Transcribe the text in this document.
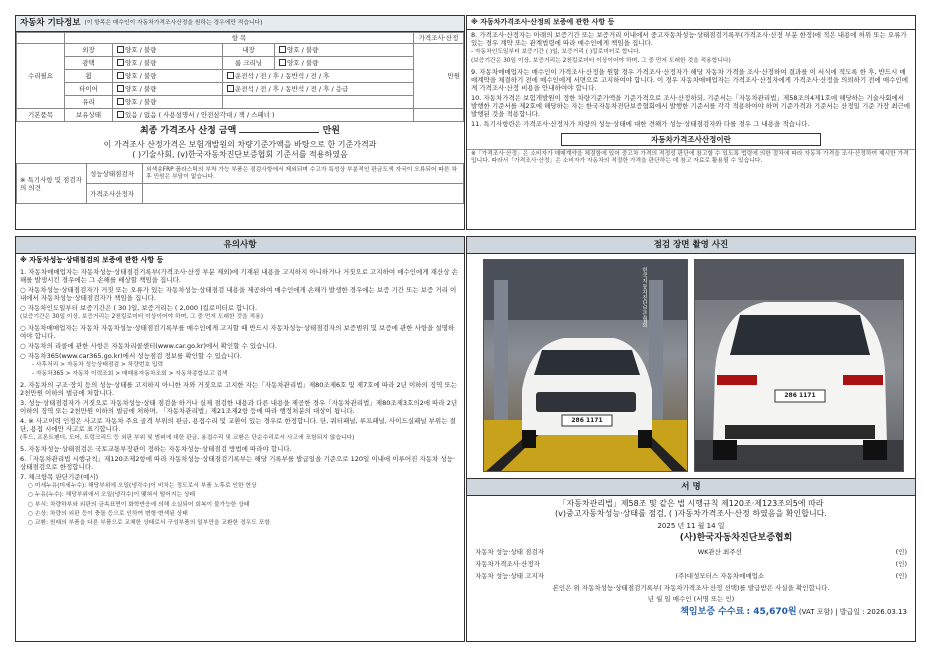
자동차 기타정보 (이 항목은 매수인이 자동차가격조사산정을 원하는 경우에만 적습니다)
	항 목				가격조사·산정
수리필요	외장	양호 / 불량	내장	양호 / 불량	만원
	광택	양호 / 불량	룸 크리닝	양호 / 불량	
	휠	양호 / 불량	운전석 / 전 / 후 / 동반석 / 전 / 후		
	타이어	양호 / 불량	운전석 / 전 / 후 / 동반석 / 전 / 후 / 응급		
	유리	양호 / 불량			
기본품목	보유상태	있음 / 없음 ( 사용설명서 / 안전삼각대 / 잭 / 스패너 )			
최종 가격조사 산정 금액	만원
이 가격조사 산정가격은 보험개발원의 차량기준가액을 바탕으로 한 기준가격과
( )기술사회, (v)한국자동차진단보증협회 기준서를 적용하였음
※ 특기사항 및 점검자의 의견	성능상태점검자	외색송FRP 플라스틱의 부착 가능 부품은 점검사항에서 제외되며 수고자 특성상 부분적인 판금도색 자국이 오류되어 따른 차후 민원은 부담이 없습니다.
	가격조사산정자	
※ 자동차가격조사·산정의 보증에 관한 사항 등
8. 가격조사·산정자는 아래의 보증기간 또는 보증거리 이내에서 중고자동차성능·상태점검기록부(가격조사·산정 부분 한정)에 적은 내용에 허위 또는 오류가 있는 경우 계약 또는 관계법령에 따라 매수인에게 책임을 집니다.
- 자동차인도일부터 보증기간 ( )일, 보증거리 ( )킬로미터로 합니다.
(보증기간은 30일 이상, 보증거리는 2천킬로미터 이상이어야 하며, 그 중 먼저 도래한 것을 적용합니다)
9. 자동차매매업자는 매수인이 가격조사·산정을 원할 경우 가격조사·산정자가 해당 자동차 가격을 조사·산정하여 결과를 이 서식에 적도록 한 후, 반드시 매매계약을 체결하기 전에 매수인에게 서면으로 고지하여야 합니다. 이 경우 자동차매매업자는 가격조사·산정자에게 가격조사·산정을 의뢰하기 전에 매수인에게 가격조사·산정 비용을 안내하여야 합니다.
10. 자동차가격은 보험개발원이 정한 차량기준가액을 기준가격으로 조사·산정하되, 기준서는「자동차관리법」제58조의4제1호에 해당하는 기술사회에서 발행한 기준서를 제2호에 해당하는 자는 한국자동차진단보증협회에서 발행한 기준서를 각각 적용하여야 하며 기준가격과 기준서는 산정일 기준 가장 최근에 발행된 것을 적용합니다.
11. 특기사항란은 가격조사·산정자가 차량의 성능·상태에 대한 견해가 성능·상태점검자와 다를 경우 그 내용을 적습니다.
자동차가격조사산정이란
※「가격조사·산정」은 소비자가 매매계약을 체결함에 있어 중고차 가격의 적정성 판단에 참고할 수 있도록 법령에 의한 절차에 따라 자동차 가격을 조사·산정하여 제시한 가격입니다. 따라서「가격조사·산정」은 소비자가 자동차의 적절한 가격을 판단하는 데 참고 자료로 활용될 수 있습니다.
유의사항
※ 자동차성능·상태점검의 보증에 관한 사항 등
1. 자동차매매업자는 자동차성능·상태점검기록부(가격조사·산정 부분 제외)에 기재된 내용을 고지하지 아니하거나 거짓으로 고지하여 매수인에게 재산상 손해를 발생시킨 경우에는 그 손해를 배상할 책임을 집니다.
○ 자동차성능·상태점검자가 거짓 또는 오류가 있는 자동차성능·상태점검 내용을 제공하여 매수인에게 손해가 발생한 경우에는 보증 기간 또는 보증 거리 이내에서 자동차성능·상태점검자가 책임을 집니다.
○ 자동차인도일부터 보증기간은 ( 30 )일, 보증거리는 ( 2,000 )킬로미터로 합니다.
(보증기간은 30일 이상, 보증거리는 2천킬로미터 이상이어야 하며, 그 중 먼저 도래한 것을 적용)
○ 자동차매매업자는 자동차 자동차성능·상태점검기록부를 매수인에게 고지할 때 반드시 자동차성능·상태점검자의 보증범위 및 보증에 관한 사항을 설명하여야 합니다.
○ 자동차의 리콜에 관한 사항은 자동차리콜센터(www.car.go.kr)에서 확인할 수 있습니다.
○ 자동차365(www.car365.go.kr)에서 성능점검 정보를 확인할 수 있습니다.
- 사후처리 > 자동차 성능상태점검 > 차량번호 입력
- 자동차365 > 자동차 이력조회 > 매매용자동차조회 > 자동차종합보고 검색
2. 자동차의 구조·장치 등의 성능·상태를 고지하지 아니한 자와 거짓으로 고지한 자는「자동차관리법」제80조제6호 및 제7호에 따라 2년 이하의 징역 또는 2천만원 이하의 벌금에 처합니다.
3. 성능·상태점검자가 거짓으로 자동차성능·상태 점검을 하거나 실제 점검한 내용과 다른 내용을 제공한 경우「자동차관리법」제80조제3호의2에 따라 2년 이하의 징역 또는 2천만원 이하의 벌금에 처하며, 「자동차관리법」제21조제2항 등에 따라 행정처분의 대상이 됩니다.
4. ※ 사고이력 인정은 사고로 자동차 주요 골격 부위의 판금, 용접수리 및 교환이 있는 경우로 한정합니다. 단, 쿼터패널, 루프패널, 사이드실패널 부위는 절단, 용접 시에만 사고로 표기합니다.
(후드, 프론트펜더, 도어, 트렁크리드 등 외판 부위 및 범퍼에 대한 판금, 용접수리 및 교환은 단순수리로서 사고에 포함되지 않습니다)
5. 자동차성능·상태점검은 국토교통부장관이 정하는 자동차성능·상태점검 방법에 따라야 합니다.
6.「자동차관리법 시행규칙」제120조제2항에 따라 자동차성능·상태점검기록부는 해당 기록부를 발급일을 기준으로 120일 이내에 이루어진 자동차 성능·상태점검으로 한정합니다.
7. 체크항목 판단기준(예시)
○ 미세누유(미세누수): 해당부위에 오일(냉각수)이 비치는 정도로서 부품 노후로 인한 현상
○ 누유(누수): 해당부위에서 오일(냉각수)이 맺혀서 떨어지는 상태
○ 부식: 차량하부와 외판의 금속표면이 화학반응에 의해 소실되어 회복이 불가능한 상태
○ 손상: 차량의 외판 등이 충돌 등으로 인하여 변형·변색된 상태
○ 교환: 원래의 부품을 다른 부품으로 교체한 상태로서 구성부품의 일부만을 교환한 경우도 포함
점검 장면 촬영 사진
286 1171
286 1171
한국자동차진단보증협회
서 명
「자동차관리법」제58조 및 같은 법 시행규칙 제120조·제123조의5에 따라
(v)중고자동차성능·상태를 점검, ( )자동차가격조사·산정 하였음을 확인합니다.
2025 년 11 월 14 일
(사)한국자동차진단보증협회
자동차 성능·상태 점검자	WK관산 최주선	(인)
자동차가격조사·산정자	(인)
자동차 성능·상태 고지자	(주)대성모터스 자동차매매업소	(인)
본인은 위 자동차성능·상태점검기록부( 자동차가격조사·산정 선택)를 발급받은 사실을 확인합니다.
년 월 일 매수인 (서명 또는 인)
책임보증 수수료 : 45,670원 (VAT 포함) | 발급일 : 2026.03.13
